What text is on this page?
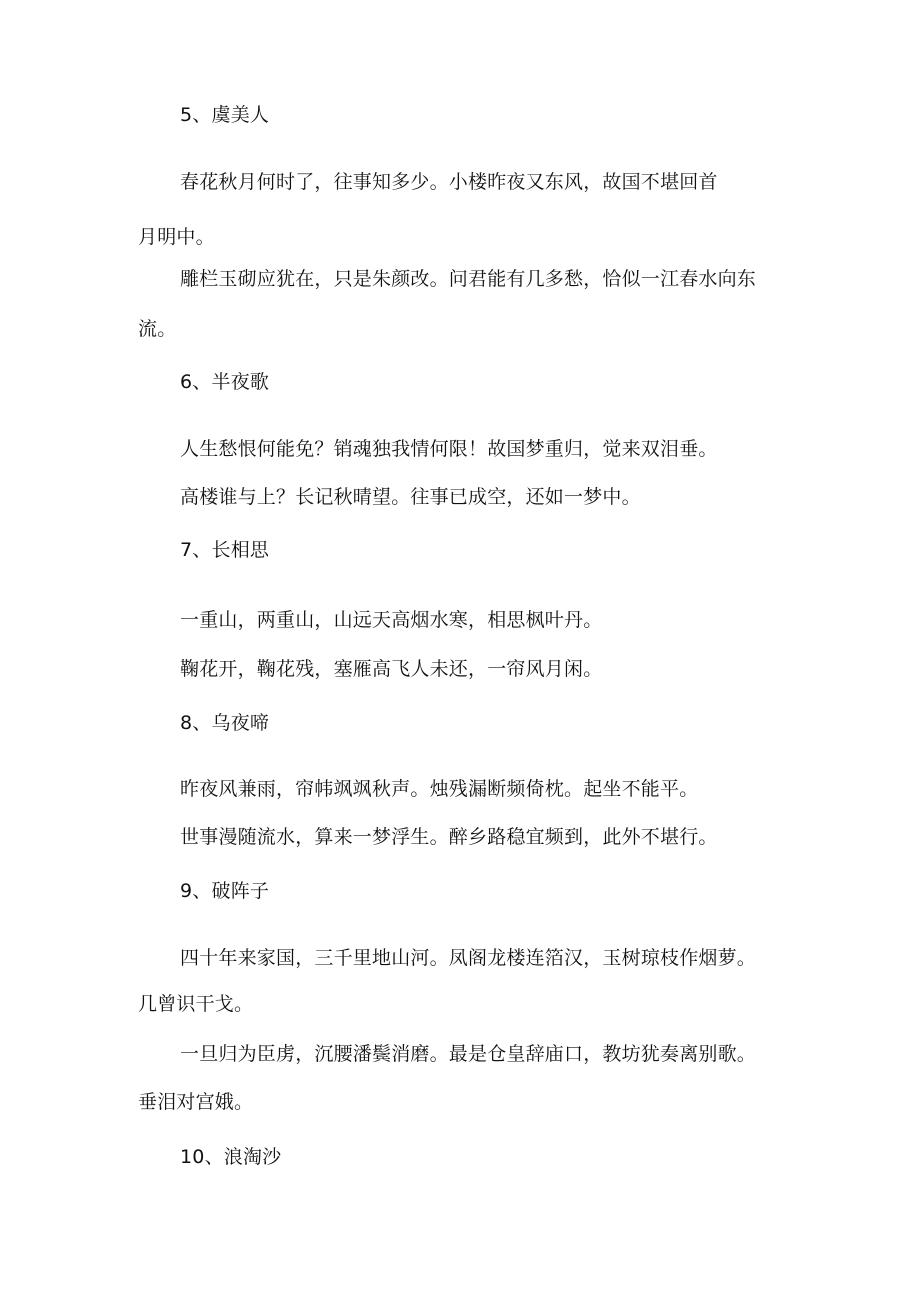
5、虞美人
春花秋月何时了，往事知多少。小楼昨夜又东风，故国不堪回首
月明中。
雕栏玉砌应犹在，只是朱颜改。问君能有几多愁，恰似一江春水向东
流。
6、半夜歌
人生愁恨何能免？销魂独我情何限！故国梦重归，觉来双泪垂。
高楼谁与上？长记秋晴望。往事已成空，还如一梦中。
7、长相思
一重山，两重山，山远天高烟水寒，相思枫叶丹。
鞠花开，鞠花残，塞雁高飞人未还，一帘风月闲。
8、乌夜啼
昨夜风兼雨，帘帏飒飒秋声。烛残漏断频倚枕。起坐不能平。
世事漫随流水，算来一梦浮生。醉乡路稳宜频到，此外不堪行。
9、破阵子
四十年来家国，三千里地山河。凤阁龙楼连箔汉，玉树琼枝作烟萝。
几曾识干戈。
一旦归为臣虏，沉腰潘鬓消磨。最是仓皇辞庙口，教坊犹奏离别歌。
垂泪对宫娥。
10、浪淘沙
